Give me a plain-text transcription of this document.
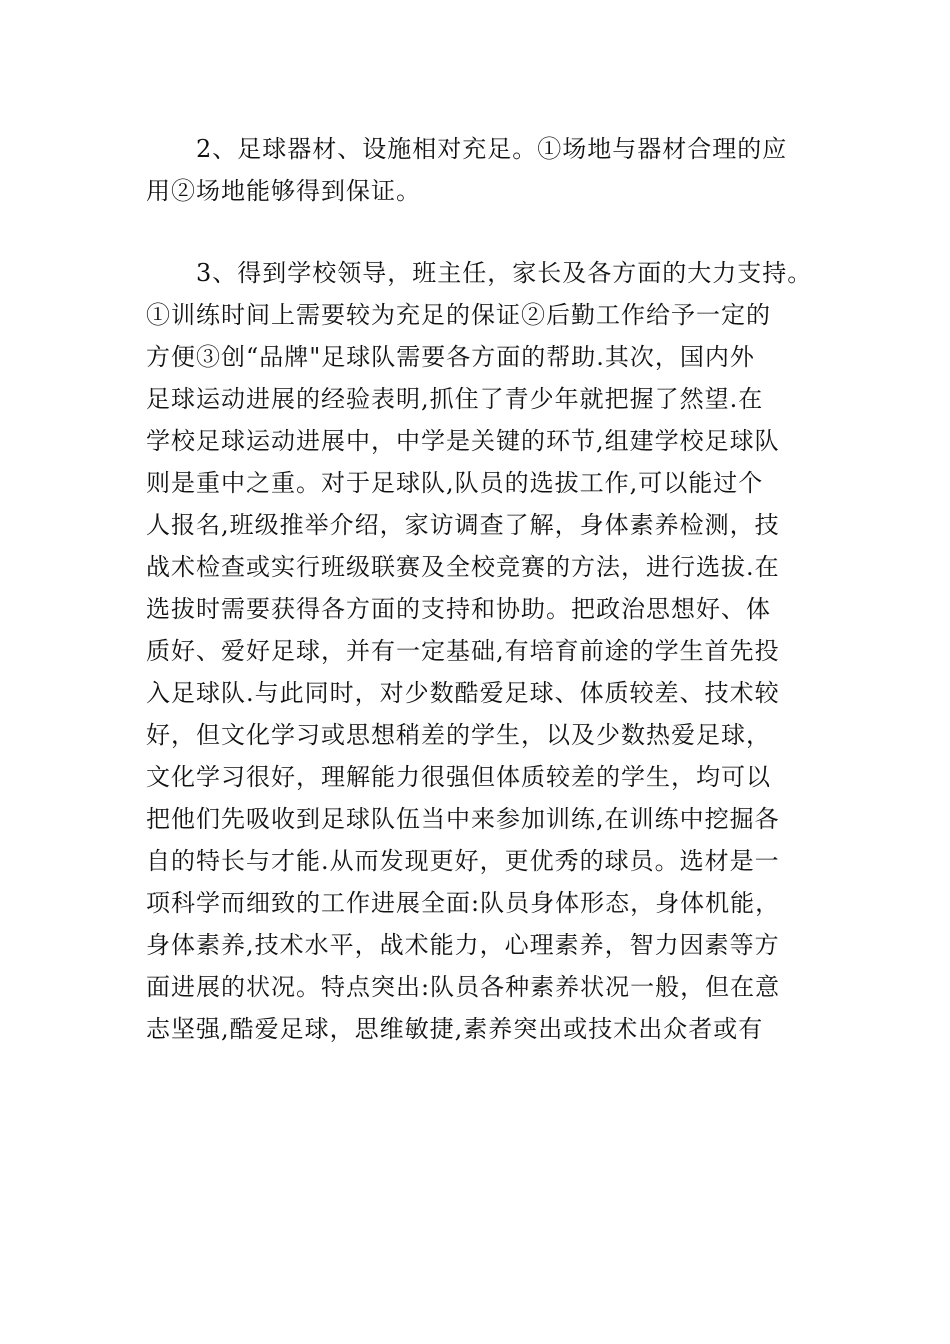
2、足球器材、设施相对充足。①场地与器材合理的应
用②场地能够得到保证。

3、得到学校领导，班主任，家长及各方面的大力支持。
①训练时间上需要较为充足的保证②后勤工作给予一定的
方便③创“品牌"足球队需要各方面的帮助.其次，国内外
足球运动进展的经验表明,抓住了青少年就把握了然望.在
学校足球运动进展中，中学是关键的环节,组建学校足球队
则是重中之重。对于足球队,队员的选拔工作,可以能过个
人报名,班级推举介绍，家访调查了解，身体素养检测，技
战术检查或实行班级联赛及全校竞赛的方法，进行选拔.在
选拔时需要获得各方面的支持和协助。把政治思想好、体
质好、爱好足球，并有一定基础,有培育前途的学生首先投
入足球队.与此同时，对少数酷爱足球、体质较差、技术较
好，但文化学习或思想稍差的学生，以及少数热爱足球，
文化学习很好，理解能力很强但体质较差的学生，均可以
把他们先吸收到足球队伍当中来参加训练,在训练中挖掘各
自的特长与才能.从而发现更好，更优秀的球员。选材是一
项科学而细致的工作进展全面:队员身体形态，身体机能，
身体素养,技术水平，战术能力，心理素养，智力因素等方
面进展的状况。特点突出:队员各种素养状况一般，但在意
志坚强,酷爱足球，思维敏捷,素养突出或技术出众者或有
